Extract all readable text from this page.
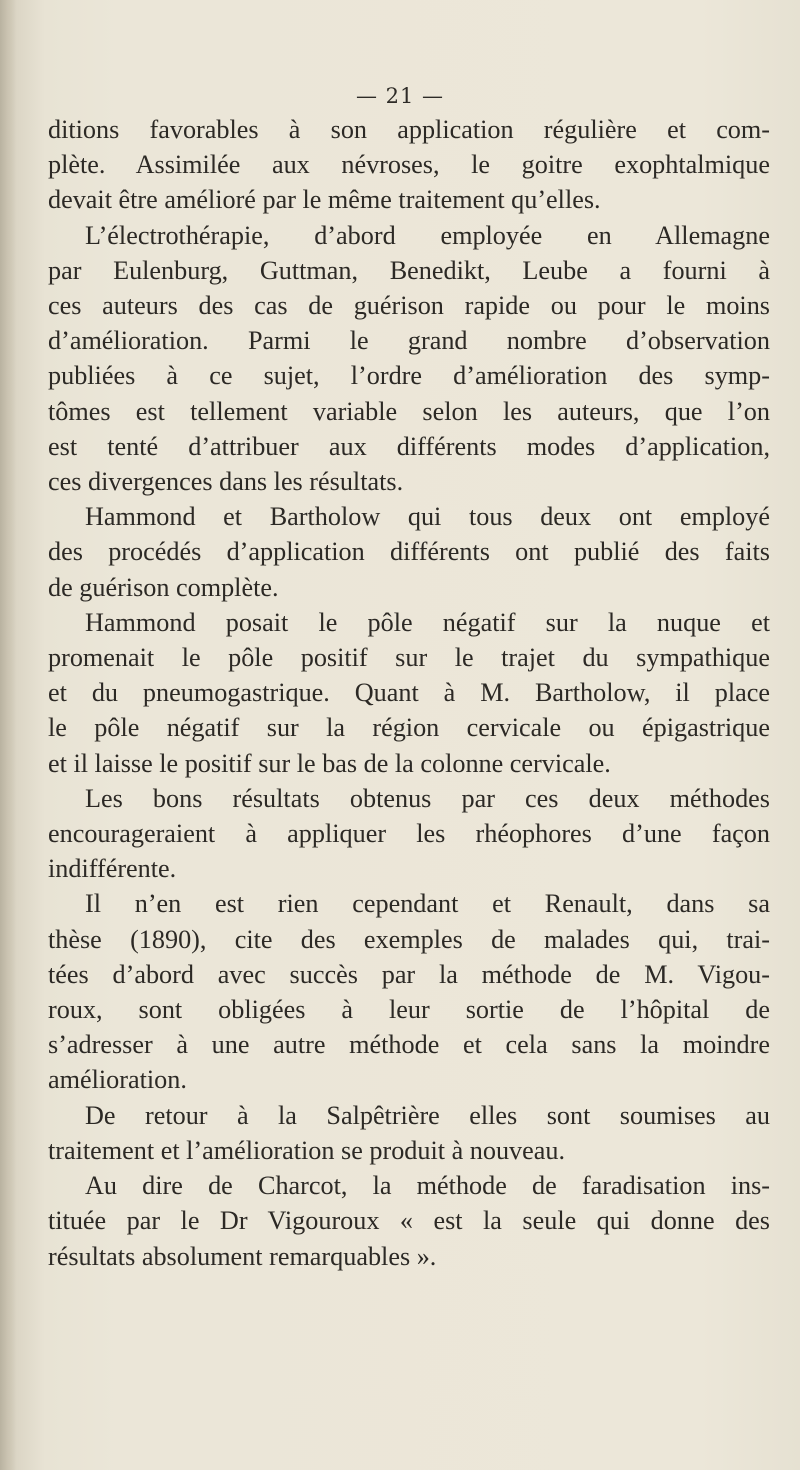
— 21 —
ditions favorables à son application régulière et com-
plète. Assimilée aux névroses, le goitre exophtalmique
devait être amélioré par le même traitement qu’elles.
L’électrothérapie, d’abord employée en Allemagne
par Eulenburg, Guttman, Benedikt, Leube a fourni à
ces auteurs des cas de guérison rapide ou pour le moins
d’amélioration. Parmi le grand nombre d’observation
publiées à ce sujet, l’ordre d’amélioration des symp-
tômes est tellement variable selon les auteurs, que l’on
est tenté d’attribuer aux différents modes d’application,
ces divergences dans les résultats.
Hammond et Bartholow qui tous deux ont employé
des procédés d’application différents ont publié des faits
de guérison complète.
Hammond posait le pôle négatif sur la nuque et
promenait le pôle positif sur le trajet du sympathique
et du pneumogastrique. Quant à M. Bartholow, il place
le pôle négatif sur la région cervicale ou épigastrique
et il laisse le positif sur le bas de la colonne cervicale.
Les bons résultats obtenus par ces deux méthodes
encourageraient à appliquer les rhéophores d’une façon
indifférente.
Il n’en est rien cependant et Renault, dans sa
thèse (1890), cite des exemples de malades qui, trai-
tées d’abord avec succès par la méthode de M. Vigou-
roux, sont obligées à leur sortie de l’hôpital de
s’adresser à une autre méthode et cela sans la moindre
amélioration.
De retour à la Salpêtrière elles sont soumises au
traitement et l’amélioration se produit à nouveau.
Au dire de Charcot, la méthode de faradisation ins-
tituée par le Dr Vigouroux « est la seule qui donne des
résultats absolument remarquables ».
